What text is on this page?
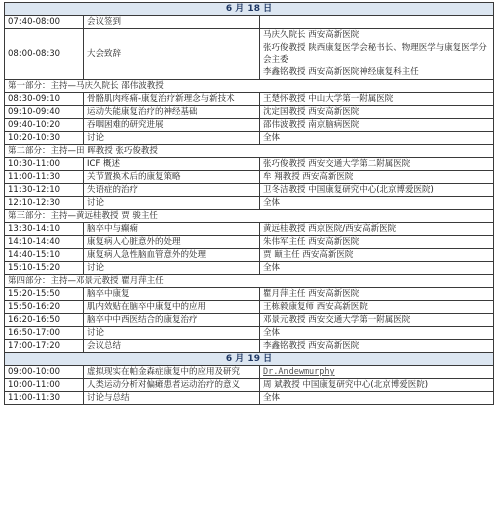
6 月 18 日		
07:40-08:00	会议签到	
08:00-08:30	大会致辞	马庆久院长 西安高新医院
张巧俊教授 陕西康复医学会秘书长、物理医学与康复医学分会主委
李鑫铭教授 西安高新医院神经康复科主任
第一部分：主持—马庆久院长 邵伟波教授		
08:30-09:10	骨骼肌肉疼痛-康复治疗新理念与新技术	王楚怀教授 中山大学第一附属医院
09:10-09:40	运动失能康复治疗的神经基础	沈定国教授 西安高新医院
09:40-10:20	吞咽困难的研究进展	邵伟波教授 南京脑病医院
10:20-10:30	讨论	全体
第二部分：主持—田 晖教授 张巧俊教授		
10:30-11:00	ICF 概述	张巧俊教授 西安交通大学第二附属医院
11:00-11:30	关节置换术后的康复策略	牟 翔教授 西安高新医院
11:30-12:10	失语症的治疗	卫冬洁教授 中国康复研究中心(北京博爱医院)
12:10-12:30	讨论	全体
第三部分：主持—黄远桂教授 贾 骏主任		
13:30-14:10	脑卒中与癫痫	黄远桂教授 西京医院/西安高新医院
14:10-14:40	康复病人心脏意外的处理	朱伟军主任 西安高新医院
14:40-15:10	康复病人急性脑血管意外的处理	贾 颐主任 西安高新医院
15:10-15:20	讨论	全体
第四部分：主持—邓景元教授 瞿月萍主任		
15:20-15:50	脑卒中康复	瞿月萍主任 西安高新医院
15:50-16:20	肌内效贴在脑卒中康复中的应用	王栋毅康复师 西安高新医院
16:20-16:50	脑卒中中西医结合的康复治疗	邓景元教授 西安交通大学第一附属医院
16:50-17:00	讨论	全体
17:00-17:20	会议总结	李鑫铭教授 西安高新医院
6 月 19 日		
09:00-10:00	虚拟现实在帕金森症康复中的应用及研究	Dr.Andewmurphy
10:00-11:00	人类运动分析对偏瘫患者运动治疗的意义	周 斌教授 中国康复研究中心(北京博爱医院)
11:00-11:30	讨论与总结	全体
